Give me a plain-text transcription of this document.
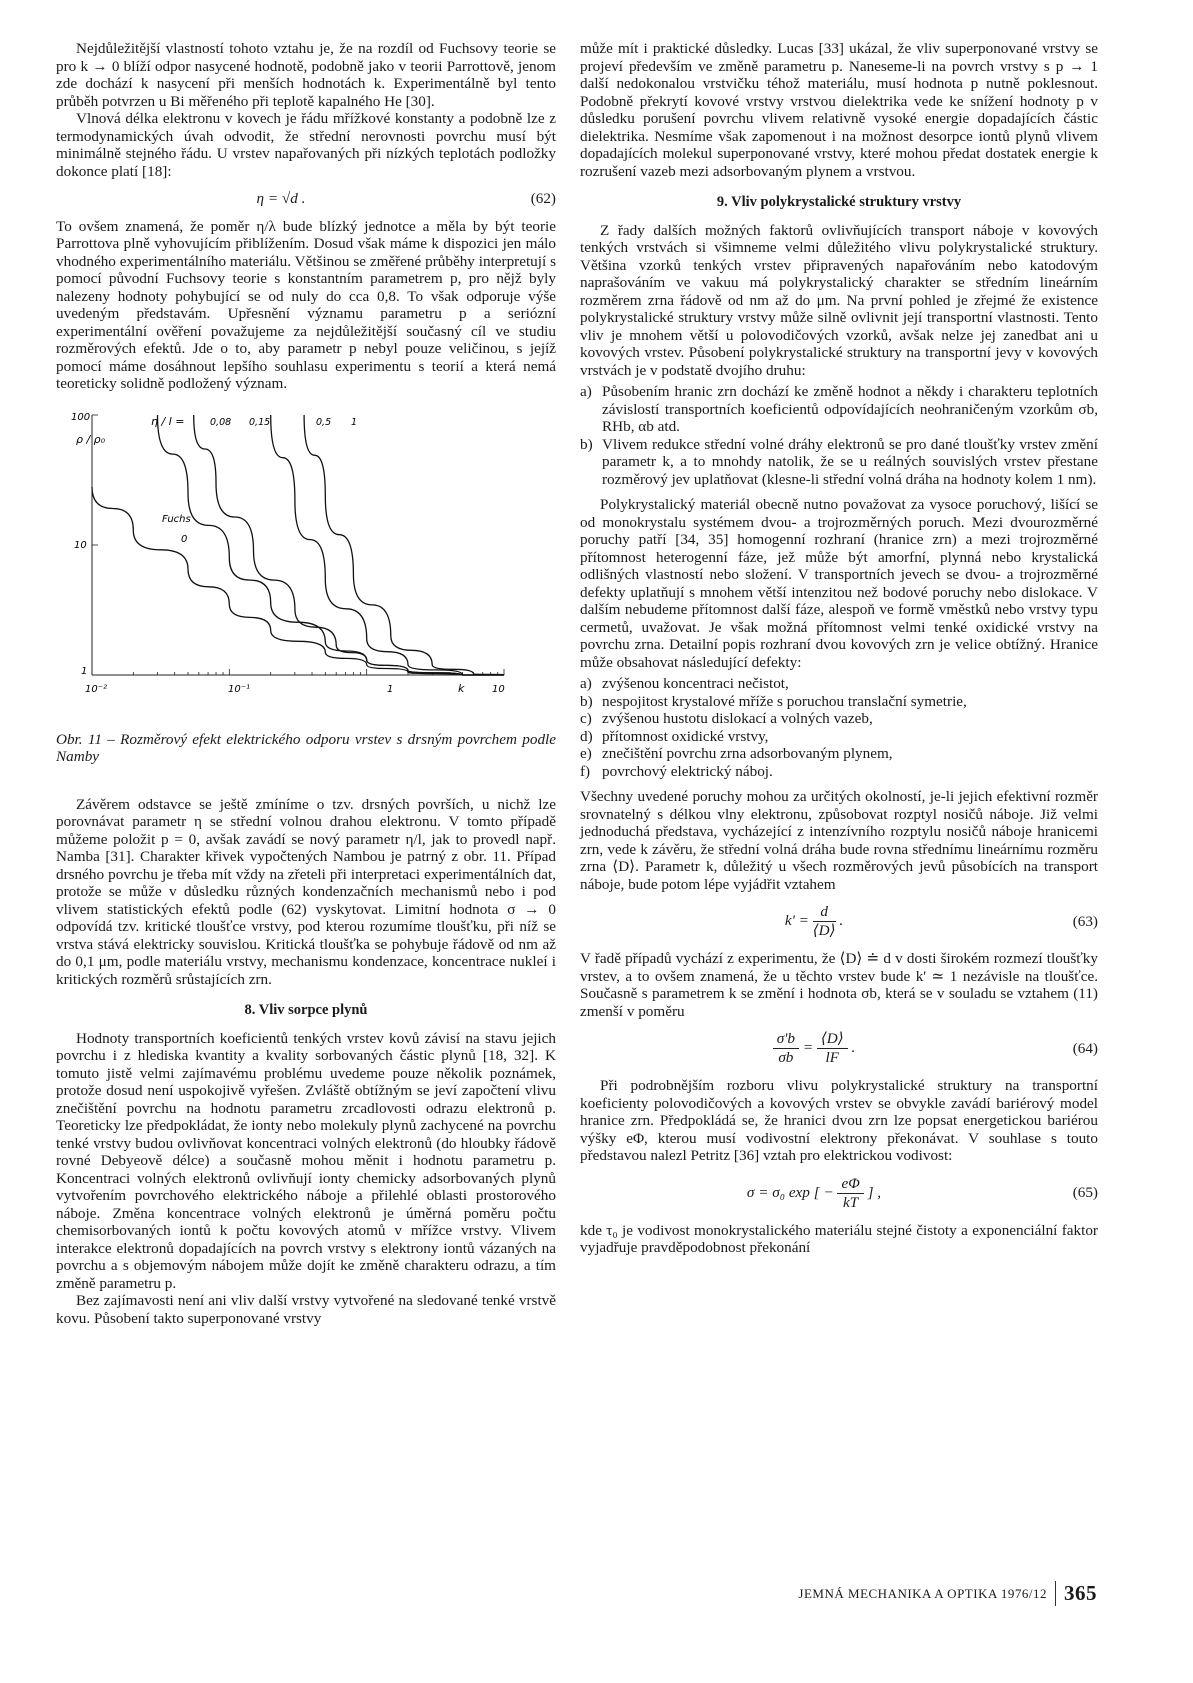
Nejdůležitější vlastností tohoto vztahu je, že na rozdíl od Fuchsovy teorie se pro k → 0 blíží odpor nasycené hodnotě, podobně jako v teorii Parrottově, jenom zde dochází k nasycení při menších hodnotách k. Experimentálně byl tento průběh potvrzen u Bi měřeného při teplotě kapalného He [30].

Vlnová délka elektronu v kovech je řádu mřížkové konstanty a podobně lze z termodynamických úvah odvodit, že střední nerovnosti povrchu musí být minimálně stejného řádu. U vrstev napařovaných při nízkých teplotách podložky dokonce platí [18]:

η = √d .	(62)

To ovšem znamená, že poměr η/λ bude blízký jednotce a měla by být teorie Parrottova plně vyhovujícím přiblížením. Dosud však máme k dispozici jen málo vhodného experimentálního materiálu. Většinou se změřené průběhy interpretují s pomocí původní Fuchsovy teorie s konstantním parametrem p, pro nějž byly nalezeny hodnoty pohybující se od nuly do cca 0,8. To však odporuje výše uvedeným představám. Upřesnění významu parametru p a seriózní experimentální ověření považujeme za nejdůležitější současný cíl ve studiu rozměrových efektů. Jde o to, aby parametr p nebyl pouze veličinou, s jejíž pomocí máme dosáhnout lepšího souhlasu experimentu s teorií a která nemá teoreticky solidně podložený význam.

100
ρ / ρ₀
10
1
10⁻²	10⁻¹	1	k	10
η / l =	0,08 0,15	0,5 1
Fuchs
0

Obr. 11 – Rozměrový efekt elektrického odporu vrstev s drsným povrchem podle Namby

Závěrem odstavce se ještě zmíníme o tzv. drsných površích, u nichž lze porovnávat parametr η se střední volnou drahou elektronu. V tomto případě můžeme položit p = 0, avšak zavádí se nový parametr η/l, jak to provedl např. Namba [31]. Charakter křivek vypočtených Nambou je patrný z obr. 11. Případ drsného povrchu je třeba mít vždy na zřeteli při interpretaci experimentálních dat, protože se může v důsledku různých kondenzačních mechanismů nebo i pod vlivem statistických efektů podle (62) vyskytovat. Limitní hodnota σ → 0 odpovídá tzv. kritické tloušťce vrstvy, pod kterou rozumíme tloušťku, při níž se vrstva stává elektricky souvislou. Kritická tloušťka se pohybuje řádově od nm až do 0,1 μm, podle materiálu vrstvy, mechanismu kondenzace, koncentrace nukleí i kritických rozměrů srůstajících zrn.

8. Vliv sorpce plynů

Hodnoty transportních koeficientů tenkých vrstev kovů závisí na stavu jejich povrchu i z hlediska kvantity a kvality sorbovaných částic plynů [18, 32]. K tomuto jistě velmi zajímavému problému uvedeme pouze několik poznámek, protože dosud není uspokojivě vyřešen. Zvláště obtížným se jeví započtení vlivu znečištění povrchu na hodnotu parametru zrcadlovosti odrazu elektronů p. Teoreticky lze předpokládat, že ionty nebo molekuly plynů zachycené na povrchu tenké vrstvy budou ovlivňovat koncentraci volných elektronů (do hloubky řádově rovné Debyeově délce) a současně mohou měnit i hodnotu parametru p. Koncentraci volných elektronů ovlivňují ionty chemicky adsorbovaných plynů vytvořením povrchového elektrického náboje a přilehlé oblasti prostorového náboje. Změna koncentrace volných elektronů je úměrná poměru počtu chemisorbovaných iontů k počtu kovových atomů v mřížce vrstvy. Vlivem interakce elektronů dopadajících na povrch vrstvy s elektrony iontů vázaných na povrchu a s objemovým nábojem může dojít ke změně charakteru odrazu, a tím změně parametru p.

Bez zajímavosti není ani vliv další vrstvy vytvořené na sledované tenké vrstvě kovu. Působení takto superponované vrstvy

může mít i praktické důsledky. Lucas [33] ukázal, že vliv superponované vrstvy se projeví především ve změně parametru p. Naneseme-li na povrch vrstvy s p → 1 další nedokonalou vrstvičku téhož materiálu, musí hodnota p nutně poklesnout. Podobně překrytí kovové vrstvy vrstvou dielektrika vede ke snížení hodnoty p v důsledku porušení povrchu vlivem relativně vysoké energie dopadajících částic dielektrika. Nesmíme však zapomenout i na možnost desorpce iontů plynů vlivem dopadajících molekul superponované vrstvy, které mohou předat dostatek energie k rozrušení vazeb mezi adsorbovaným plynem a vrstvou.

9. Vliv polykrystalické struktury vrstvy

Z řady dalších možných faktorů ovlivňujících transport náboje v kovových tenkých vrstvách si všimneme velmi důležitého vlivu polykrystalické struktury. Většina vzorků tenkých vrstev připravených napařováním nebo katodovým naprašováním ve vakuu má polykrystalický charakter se středním lineárním rozměrem zrna řádově od nm až do μm. Na první pohled je zřejmé že existence polykrystalické struktury vrstvy může silně ovlivnit její transportní vlastnosti. Tento vliv je mnohem větší u polovodičových vzorků, avšak nelze jej zanedbat ani u kovových vrstev. Působení polykrystalické struktury na transportní jevy v kovových vrstvách je v podstatě dvojího druhu:

a) Působením hranic zrn dochází ke změně hodnot a někdy i charakteru teplotních závislostí transportních koeficientů odpovídajících neohraničeným vzorkům σb, RHb, αb atd.
b) Vlivem redukce střední volné dráhy elektronů se pro dané tloušťky vrstev změní parametr k, a to mnohdy natolik, že se u reálných souvislých vrstev přestane rozměrový jev uplatňovat (klesne-li střední volná dráha na hodnoty kolem 1 nm).

Polykrystalický materiál obecně nutno považovat za vysoce poruchový, lišící se od monokrystalu systémem dvou- a trojrozměrných poruch. Mezi dvourozměrné poruchy patří [34, 35] homogenní rozhraní (hranice zrn) a mezi trojrozměrné přítomnost heterogenní fáze, jež může být amorfní, plynná nebo krystalická odlišných vlastností nebo složení. V transportních jevech se dvou- a trojrozměrné defekty uplatňují s mnohem větší intenzitou než bodové poruchy nebo dislokace. V dalším nebudeme přítomnost další fáze, alespoň ve formě vměstků nebo vrstvy typu cermetů, uvažovat. Je však možná přítomnost velmi tenké oxidické vrstvy na povrchu zrna. Detailní popis rozhraní dvou kovových zrn je velice obtížný. Hranice může obsahovat následující defekty:

a) zvýšenou koncentraci nečistot,
b) nespojitost krystalové mříže s poruchou translační symetrie,
c) zvýšenou hustotu dislokací a volných vazeb,
d) přítomnost oxidické vrstvy,
e) znečištění povrchu zrna adsorbovaným plynem,
f) povrchový elektrický náboj.

Všechny uvedené poruchy mohou za určitých okolností, je-li jejich efektivní rozměr srovnatelný s délkou vlny elektronu, způsobovat rozptyl nosičů náboje. Již velmi jednoduchá představa, vycházející z intenzívního rozptylu nosičů náboje hranicemi zrn, vede k závěru, že střední volná dráha bude rovna střednímu lineárnímu rozměru zrna ⟨D⟩. Parametr k, důležitý u všech rozměrových jevů působících na transport náboje, bude potom lépe vyjádřit vztahem

$k' = \frac{d}{⟨D⟩}$ .	(63)

V řadě případů vychází z experimentu, že ⟨D⟩ ≐ d v dosti širokém rozmezí tloušťky vrstev, a to ovšem znamená, že u těchto vrstev bude k' ≃ 1 nezávisle na tloušťce. Současně s parametrem k se změní i hodnota σb, která se v souladu se vztahem (11) zmenší v poměru

$\frac{\sigma'b}{\sigma b} = \frac{⟨D⟩}{lF}$ .	(64)

Při podrobnějším rozboru vlivu polykrystalické struktury na transportní koeficienty polovodičových a kovových vrstev se obvykle zavádí bariérový model hranice zrn. Předpokládá se, že hranici dvou zrn lze popsat energetickou bariérou výšky eΦ, kterou musí vodivostní elektrony překonávat. V souhlase s touto představou nalezl Petritz [36] vztah pro elektrickou vodivost:

σ = σ₀ exp [ − $\frac{e\Phi}{kT}$ ] ,	(65)

kde τ₀ je vodivost monokrystalického materiálu stejné čistoty a exponenciální faktor vyjadřuje pravděpodobnost překonání

JEMNÁ MECHANIKA A OPTIKA 1976/12 365
